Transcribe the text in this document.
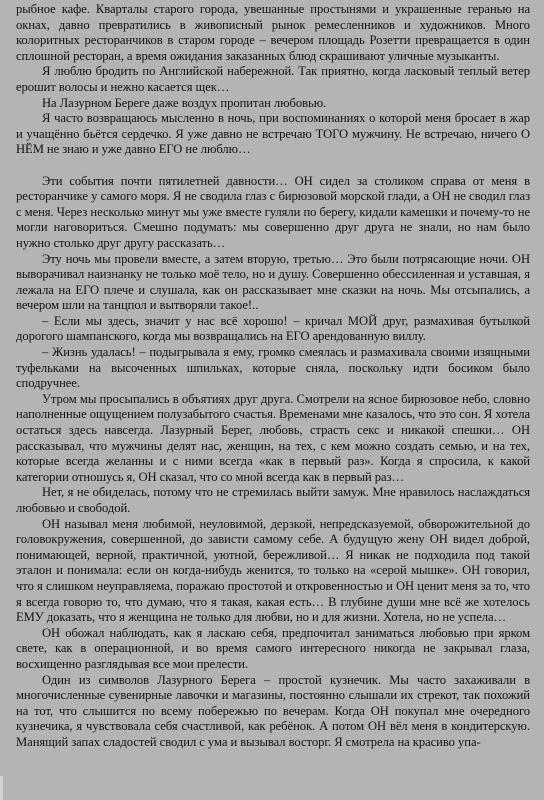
рыбное кафе. Кварталы старого города, увешанные простынями и украшенные геранью на окнах, давно превратились в живописный рынок ремесленников и художников. Много колоритных ресторанчиков в старом городе – вечером площадь Розетти превращается в один сплошной ресторан, а время ожидания заказанных блюд скрашивают уличные музыканты.

Я люблю бродить по Английской набережной. Так приятно, когда ласковый теплый ветер ерошит волосы и нежно касается щек…

На Лазурном Береге даже воздух пропитан любовью.

Я часто возвращаюсь мысленно в ночь, при воспоминаниях о которой меня бросает в жар и учащённо бьётся сердечко. Я уже давно не встречаю ТОГО мужчину. Не встречаю, ничего О НЁМ не знаю и уже давно ЕГО не люблю…

Эти события почти пятилетней давности… ОН сидел за столиком справа от меня в ресторанчике у самого моря. Я не сводила глаз с бирюзовой морской глади, а ОН не сводил глаз с меня. Через несколько минут мы уже вместе гуляли по берегу, кидали камешки и почему-то не могли наговориться. Смешно подумать: мы совершенно друг друга не знали, но нам было нужно столько друг другу рассказать…

Эту ночь мы провели вместе, а затем вторую, третью… Это были потрясающие ночи. ОН выворачивал наизнанку не только моё тело, но и душу. Совершенно обессиленная и уставшая, я лежала на ЕГО плече и слушала, как он рассказывает мне сказки на ночь. Мы отсыпались, а вечером шли на танцпол и вытворяли такое!..

– Если мы здесь, значит у нас всё хорошо! – кричал МОЙ друг, размахивая бутылкой дорогого шампанского, когда мы возвращались на ЕГО арендованную виллу.

– Жизнь удалась! – подыгрывала я ему, громко смеялась и размахивала своими изящными туфельками на высоченных шпильках, которые сняла, поскольку идти босиком было сподручнее.

Утром мы просыпались в объятиях друг друга. Смотрели на ясное бирюзовое небо, словно наполненные ощущением полузабытого счастья. Временами мне казалось, что это сон. Я хотела остаться здесь навсегда. Лазурный Берег, любовь, страсть секс и никакой спешки… ОН рассказывал, что мужчины делят нас, женщин, на тех, с кем можно создать семью, и на тех, которые всегда желанны и с ними всегда «как в первый раз». Когда я спросила, к какой категории отношусь я, ОН сказал, что со мной всегда как в первый раз…

Нет, я не обиделась, потому что не стремилась выйти замуж. Мне нравилось наслаждаться любовью и свободой.

ОН называл меня любимой, неуловимой, дерзкой, непредсказуемой, обворожительной до головокружения, совершенной, до зависти самому себе. А будущую жену ОН видел доброй, понимающей, верной, практичной, уютной, бережливой… Я никак не подходила под такой эталон и понимала: если он когда-нибудь женится, то только на «серой мышке». ОН говорил, что я слишком неуправляема, поражаю простотой и откровенностью и ОН ценит меня за то, что я всегда говорю то, что думаю, что я такая, какая есть… В глубине души мне всё же хотелось ЕМУ доказать, что я женщина не только для любви, но и для жизни. Хотела, но не успела…

ОН обожал наблюдать, как я ласкаю себя, предпочитал заниматься любовью при ярком свете, как в операционной, и во время самого интересного никогда не закрывал глаза, восхищенно разглядывая все мои прелести.

Один из символов Лазурного Берега – простой кузнечик. Мы часто захаживали в многочисленные сувенирные лавочки и магазины, постоянно слышали их стрекот, так похожий на тот, что слышится по всему побережью по вечерам. Когда ОН покупал мне очередного кузнечика, я чувствовала себя счастливой, как ребёнок. А потом ОН вёл меня в кондитерскую. Манящий запах сладостей сводил с ума и вызывал восторг. Я смотрела на красиво упа-
